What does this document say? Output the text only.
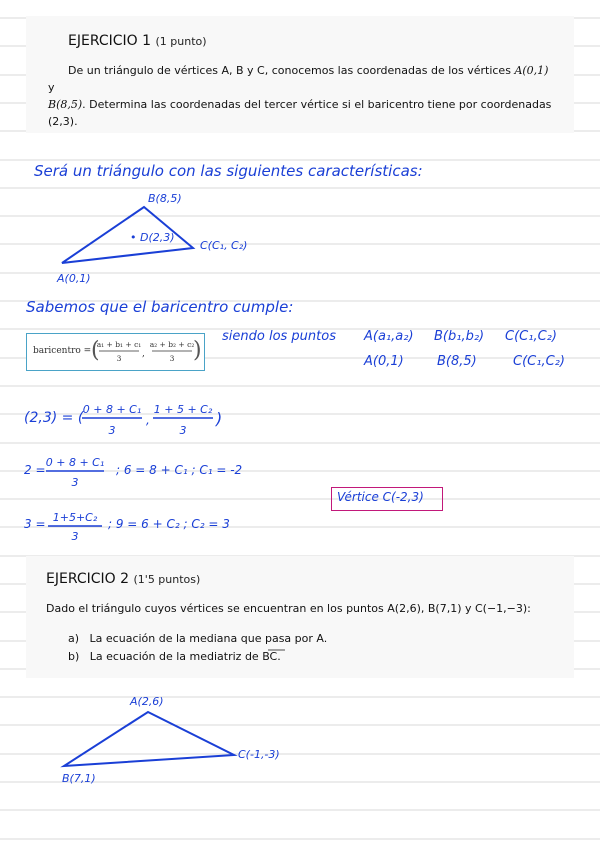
EJERCICIO 1 (1 punto)
De un triángulo de vértices A, B y C, conocemos las coordenadas de los vértices A(0,1) y
B(8,5). Determina las coordenadas del tercer vértice si el baricentro tiene por coordenadas
(2,3).
Será un triángulo con las siguientes características:
B(8,5)
• D(2,3)
C(C₁, C₂)
A(0,1)
Sabemos que el baricentro cumple:
baricentro = (
a₁ + b₁ + c₁
3 ,
a₂ + b₂ + c₂
3 )
siendo los puntos A(a₁,a₂) B(b₁,b₂) C(C₁,C₂)
A(0,1)	B(8,5)	C(C₁,C₂)
(2,3) = (
0 + 8 + C₁
3
,
1 + 5 + C₂
3
)
2 =
0 + 8 + C₁
3
; 6 = 8 + C₁ ; C₁ = -2
3 = 1+5+C₂
3
; 9 = 6 + C₂ ; C₂ = 3
Vértice C(-2,3)
EJERCICIO 2 (1'5 puntos)
Dado el triángulo cuyos vértices se encuentran en los puntos A(2,6), B(7,1) y C(−1,−3):
a) La ecuación de la mediana que pasa por A.
b) La ecuación de la mediatriz de BC.
A(2,6)
C(-1,-3)
B(7,1)
